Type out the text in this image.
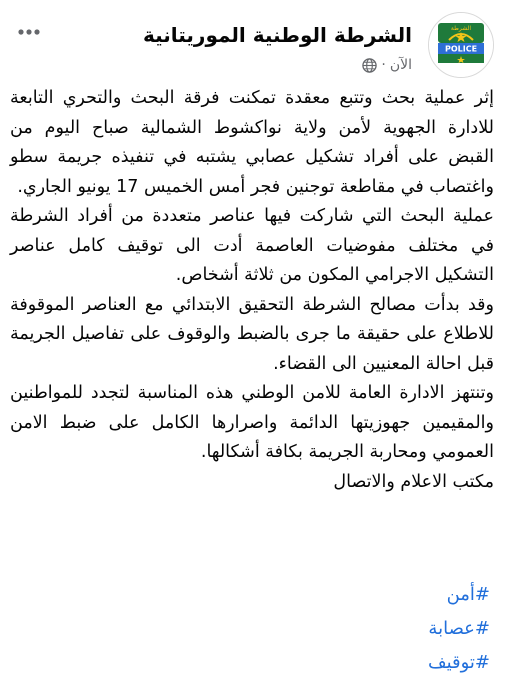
الشرطة
POLICE
الشرطة الوطنية الموريتانية
الآن
·

إثر عملية بحث وتتبع معقدة تمكنت فرقة البحث والتحري التابعة للادارة الجهوية لأمن ولاية نواكشوط الشمالية صباح اليوم من القبض على أفراد تشكيل عصابي يشتبه في تنفيذه جريمة سطو واغتصاب في مقاطعة توجنين فجر أمس الخميس 17 يونيو الجاري.

عملية البحث التي شاركت فيها عناصر متعددة من أفراد الشرطة في مختلف مفوضيات العاصمة أدت الى توقيف كامل عناصر التشكيل الاجرامي المكون من ثلاثة أشخاص.

وقد بدأت مصالح الشرطة التحقيق الابتدائي مع العناصر الموقوفة للاطلاع على حقيقة ما جرى بالضبط والوقوف على تفاصيل الجريمة قبل احالة المعنيين الى القضاء.

وتنتهز الادارة العامة للامن الوطني هذه المناسبة لتجدد للمواطنين والمقيمين جهوزيتها الدائمة واصرارها الكامل على ضبط الامن العمومي ومحاربة الجريمة بكافة أشكالها.

مكتب الاعلام والاتصال

#أمن
#عصابة
#توقيف
